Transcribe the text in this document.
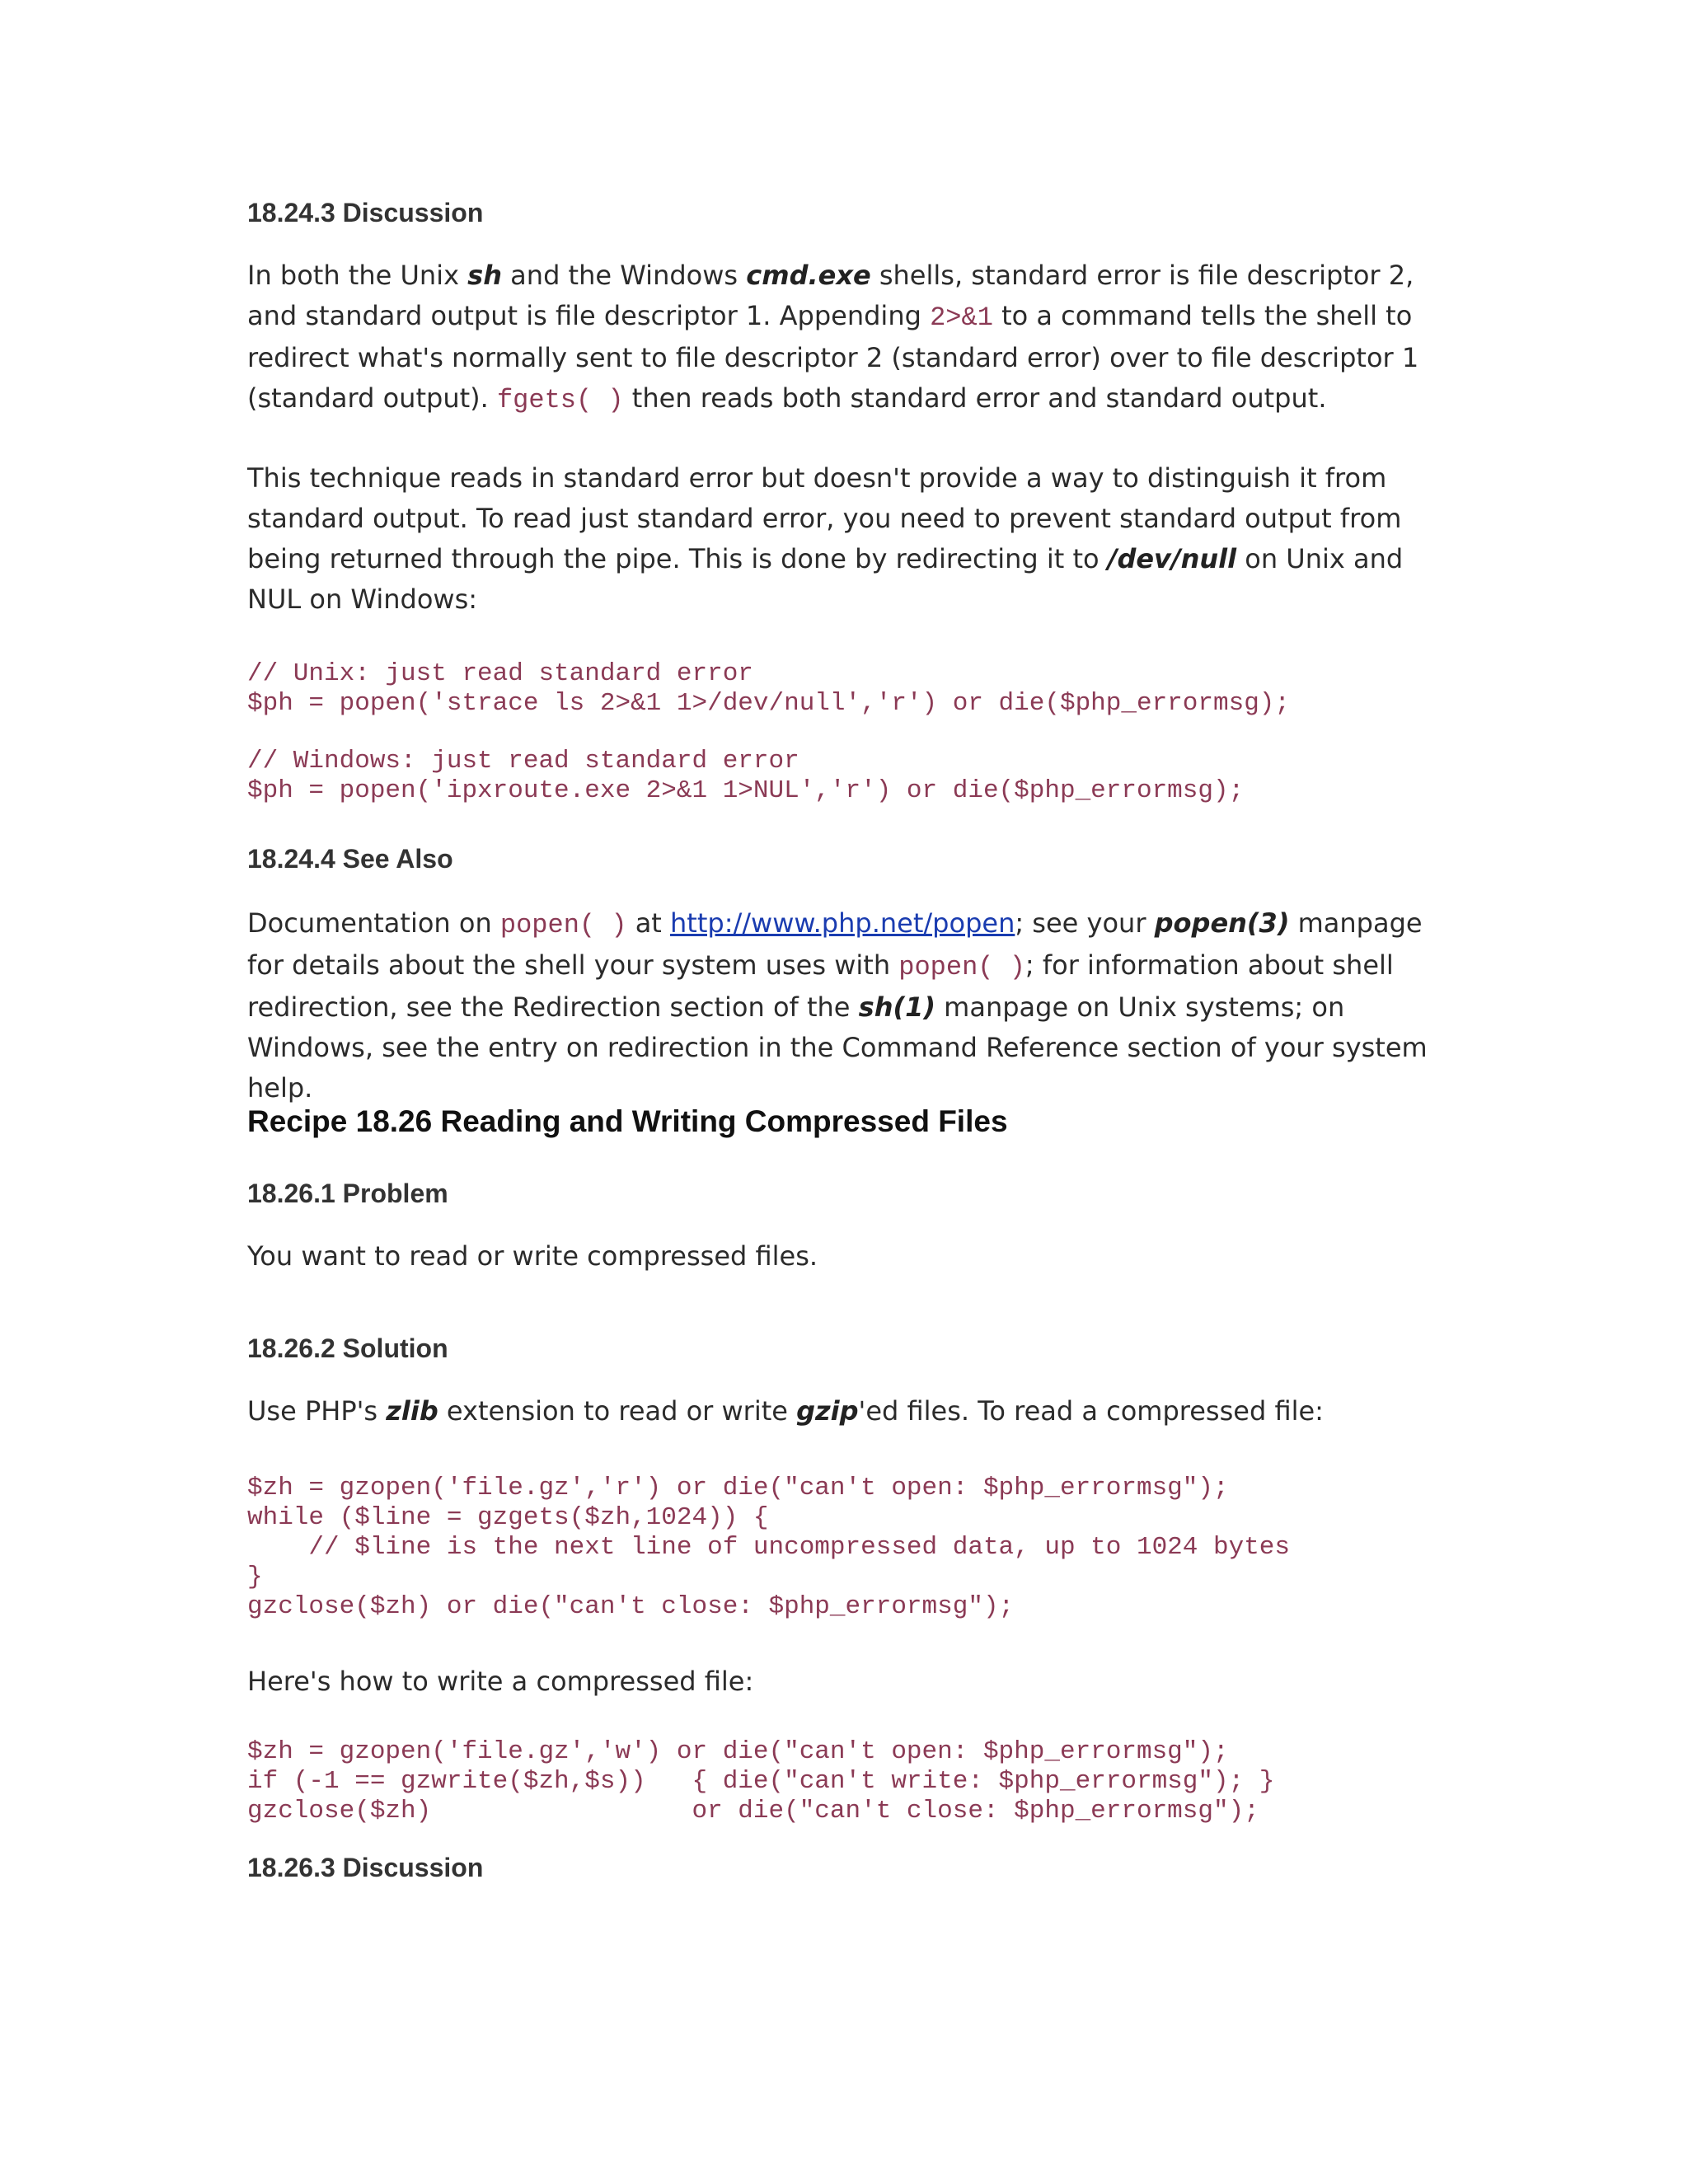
18.24.3 Discussion

In both the Unix sh and the Windows cmd.exe shells, standard error is file descriptor 2, and standard output is file descriptor 1. Appending 2>&1 to a command tells the shell to redirect what's normally sent to file descriptor 2 (standard error) over to file descriptor 1 (standard output). fgets( ) then reads both standard error and standard output.

This technique reads in standard error but doesn't provide a way to distinguish it from standard output. To read just standard error, you need to prevent standard output from being returned through the pipe. This is done by redirecting it to /dev/null on Unix and NUL on Windows:

// Unix: just read standard error
$ph = popen('strace ls 2>&1 1>/dev/null','r') or die($php_errormsg);
// Windows: just read standard error
$ph = popen('ipxroute.exe 2>&1 1>NUL','r') or die($php_errormsg);
18.24.4 See Also

Documentation on popen( ) at http://www.php.net/popen; see your popen(3) manpage for details about the shell your system uses with popen( ); for information about shell redirection, see the Redirection section of the sh(1) manpage on Unix systems; on Windows, see the entry on redirection in the Command Reference section of your system help.

Recipe 18.26 Reading and Writing Compressed Files
18.26.1 Problem

You want to read or write compressed files.

18.26.2 Solution

Use PHP's zlib extension to read or write gzip'ed files. To read a compressed file:

$zh = gzopen('file.gz','r') or die("can't open: $php_errormsg");
while ($line = gzgets($zh,1024)) {
// $line is the next line of uncompressed data, up to 1024 bytes
}
gzclose($zh) or die("can't close: $php_errormsg");

Here's how to write a compressed file:

$zh = gzopen('file.gz','w') or die("can't open: $php_errormsg");
if (-1 == gzwrite($zh,$s))   { die("can't write: $php_errormsg"); }
gzclose($zh)                 or die("can't close: $php_errormsg");
18.26.3 Discussion
